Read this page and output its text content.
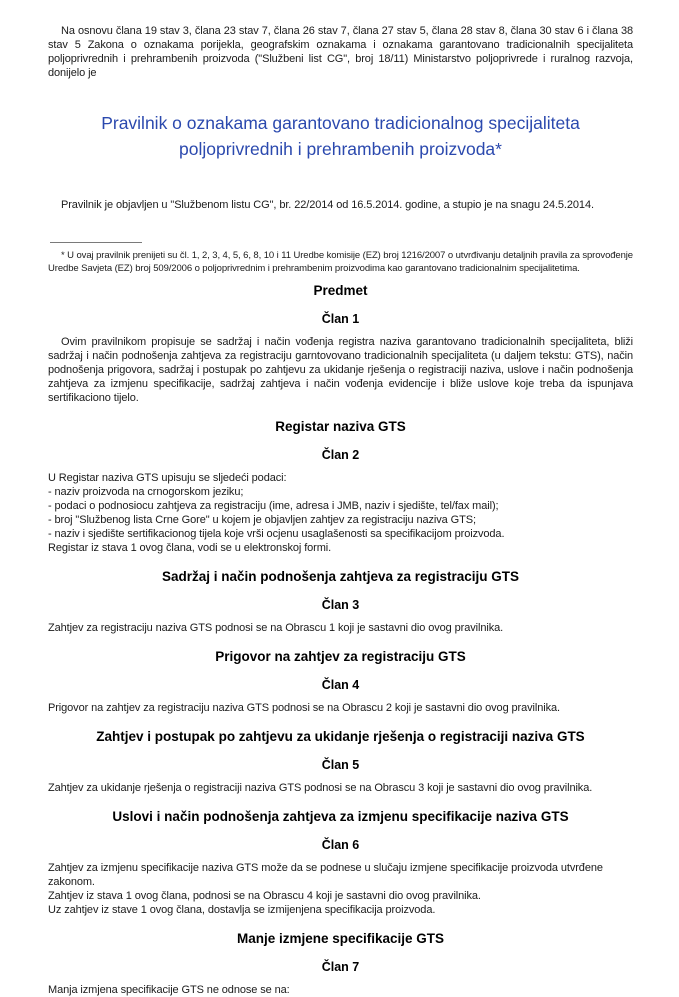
Na osnovu člana 19 stav 3, člana 23 stav 7, člana 26 stav 7, člana 27 stav 5, člana 28 stav 8, člana 30 stav 6 i člana 38 stav 5 Zakona o oznakama porijekla, geografskim oznakama i oznakama garantovano tradicionalnih specijaliteta poljoprivrednih i prehrambenih proizvoda ("Službeni list CG", broj 18/11) Ministarstvo poljoprivrede i ruralnog razvoja, donijelo je

Pravilnik o oznakama garantovano tradicionalnog specijaliteta poljoprivrednih i prehrambenih proizvoda*

Pravilnik je objavljen u "Službenom listu CG", br. 22/2014 od 16.5.2014. godine, a stupio je na snagu 24.5.2014.

* U ovaj pravilnik prenijeti su čl. 1, 2, 3, 4, 5, 6, 8, 10 i 11 Uredbe komisije (EZ) broj 1216/2007 o utvrđivanju detaljnih pravila za sprovođenje Uredbe Savjeta (EZ) broj 509/2006 o poljoprivrednim i prehrambenim proizvodima kao garantovano tradicionalnim specijalitetima.

Predmet
Član 1

Ovim pravilnikom propisuje se sadržaj i način vođenja registra naziva garantovano tradicionalnih specijaliteta, bliži sadržaj i način podnošenja zahtjeva za registraciju garntovovano tradicionalnih specijaliteta (u daljem tekstu: GTS), način podnošenja prigovora, sadržaj i postupak po zahtjevu za ukidanje rješenja o registraciji naziva, uslove i način podnošenja zahtjeva za izmjenu specifikacije, sadržaj zahtjeva i način vođenja evidencije i bliže uslove koje treba da ispunjava sertifikaciono tijelo.

Registar naziva GTS
Član 2

U Registar naziva GTS upisuju se sljedeći podaci:

- naziv proizvoda na crnogorskom jeziku;

- podaci o podnosiocu zahtjeva za registraciju (ime, adresa i JMB, naziv i sjedište, tel/fax mail);

- broj "Službenog lista Crne Gore" u kojem je objavljen zahtjev za registraciju naziva GTS;

- naziv i sjedište sertifikacionog tijela koje vrši ocjenu usaglašenosti sa specifikacijom proizvoda.

Registar iz stava 1 ovog člana, vodi se u elektronskoj formi.

Sadržaj i način podnošenja zahtjeva za registraciju GTS
Član 3

Zahtjev za registraciju naziva GTS podnosi se na Obrascu 1 koji je sastavni dio ovog pravilnika.

Prigovor na zahtjev za registraciju GTS
Član 4

Prigovor na zahtjev za registraciju naziva GTS podnosi se na Obrascu 2 koji je sastavni dio ovog pravilnika.

Zahtjev i postupak po zahtjevu za ukidanje rješenja o registraciji naziva GTS
Član 5

Zahtjev za ukidanje rješenja o registraciji naziva GTS podnosi se na Obrascu 3 koji je sastavni dio ovog pravilnika.

Uslovi i način podnošenja zahtjeva za izmjenu specifikacije naziva GTS
Član 6

Zahtjev za izmjenu specifikacije naziva GTS može da se podnese u slučaju izmjene specifikacije proizvoda utvrđene zakonom.

Zahtjev iz stava 1 ovog člana, podnosi se na Obrascu 4 koji je sastavni dio ovog pravilnika.

Uz zahtjev iz stave 1 ovog člana, dostavlja se izmijenjena specifikacija proizvoda.

Manje izmjene specifikacije GTS
Član 7

Manja izmjena specifikacije GTS ne odnose se na:
